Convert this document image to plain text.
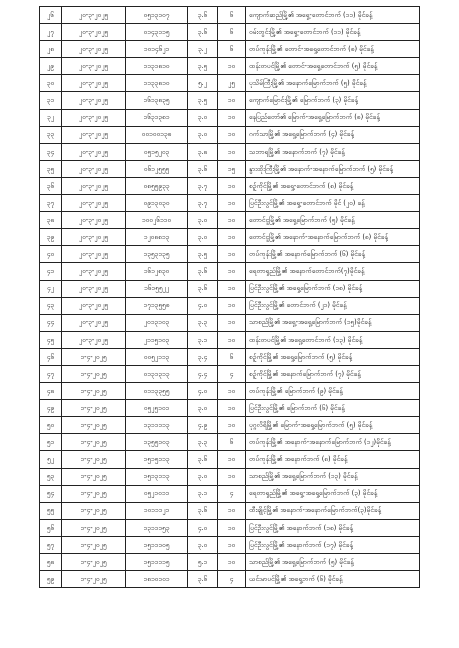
၂၆	၂၀-၃-၂၀၂၅	၀၅၁၃၁၀၇	၃.၆	၆	ကျောက်ဆည်မြို့၏ အရှေ့-တောင်ဘက် (၁၁) မိုင်ခန့်
၂၇	၂၀-၃-၂၀၂၅	၀၁၄၃၁၁၅	၃.၆	၆	ဝမ်းတွင်းမြို့၏ အရှေ့-တောင်ဘက် (၁၁) မိုင်ခန့်
၂၈	၂၀-၃-၂၀၂၅	၁၀၁၄၆၂၁	၃.၂	၆	တပ်ကုန်းမြို့၏ တောင်-အရှေ့တောင်ဘက် (၈) မိုင်ခန့်
၂၉	၂၀-၃-၂၀၂၅	၁၁၃၁၈၁၀	၃.၅	၁၀	ထန်းတပင်မြို့၏ တောင်-အရှေ့တောင်ဘက် (၅) မိုင်ခန့်
၃၀	၂၀-၃-၂၀၂၅	၁၁၃၃၈၁၀	၅.၂	၂၅	ပုသိမ်ကြီးမြို့၏ အနောက်မြောက်ဘက် (၅) မိုင်ခန့်
၃၁	၂၀-၃-၂၀၂၅	၁၆၁၃၈၃၅	၃.၅	၁၀	ကျောက်မြောင်းမြို့၏ မြောက်ဘက် (၃) မိုင်ခန့်
၃၂	၂၀-၃-၂၀၂၅	၁၆၃၁၃၈၁	၃.၀	၁၀	နေပြည်တော်၏ မြောက်-အရှေ့မြောက်ဘက် (၈) မိုင်ခန့်
၃၃	၂၀-၃-၂၀၂၅	၀၀၁၀၀၁၃၈	၃.၀	၁၀	ဂက်သာမြို့၏ အရှေ့မြောက်ဘက် (၄) မိုင်ခန့်
၃၄	၂၀-၃-၂၀၂၅	၀၅၁၅၂၀၃	၃.၈	၁၀	သဘာရမြို့၏ အနောက်ဘက် (၇) မိုင်ခန့်
၃၅	၂၀-၃-၂၀၂၅	၀၆၁၂၅၅၅	၃.၆	၁၅	နွားထိုးကြီးမြို့၏ အနောက်-အနောက်မြောက်ဘက် (၅) မိုင်ခန့်
၃၆	၂၀-၃-၂၀၂၅	၀၈၅၅၉၃၃	၃.၇	၁၀	စဉ့်ကိုင်မြို့၏ အရှေ့-တောင်ဘက် (၈) မိုင်ခန့်
၃၇	၂၀-၃-၂၀၂၅	၀၉၁၃၀၃၀	၃.၇	၁၀	ပြင်ဦးလွင်မြို့၏ အရှေ့-တောင်ဘက် မိုင် (၂၀) ခန့်
၃၈	၂၀-၃-၂၀၂၅	၁၀၀၂၆၁၁၀	၃.၀	၁၀	တောင်ငူမြို့၏ အရှေ့မြောက်ဘက် (၅) မိုင်ခန့်
၃၉	၂၀-၃-၂၀၂၅	၁၂၀၈၈၁၃	၃.၀	၁၀	တောင်ငူမြို့၏ အနောက်-အနောက်မြောက်ဘက် (၈) မိုင်ခန့်
၄၀	၂၀-၃-၂၀၂၅	၁၃၅၃၁၃၅	၃.၅	၁၀	တပ်ကုန်းမြို့၏ အနောက်မြောက်ဘက် (၆) မိုင်ခန့်
၄၁	၂၀-၃-၂၀၂၅	၁၆၁၂၈၃၀	၃.၆	၁၀	ရေတာရှည်မြို့၏ အနောက်တောင်ဘက်(၇)မိုင်ခန့်
၄၂	၂၀-၃-၂၀၂၅	၁၆၁၅၅၂၂	၃.၆	၁၀	ပြင်ဦးလွင်မြို့၏ အရှေ့မြောက်ဘက် (၁၈) မိုင်ခန့်
၄၃	၂၀-၃-၂၀၂၅	၁၇၁၃၅၅၈	၄.၀	၁၀	ပြင်ဦးလွင်မြို့၏ တောင်ဘက် (၂၁) မိုင်ခန့်
၄၄	၂၀-၃-၂၀၂၅	၂၀၁၃၁၀၃	၃.၃	၁၀	သာစည်မြို့၏ အရှေ့-အရှေ့မြောက်ဘက် (၁၅)မိုင်ခန့်
၄၅	၂၀-၃-၂၀၂၅	၂၁၁၅၁၀၃	၃.၁	၁၀	ထန်းတပင်မြို့၏ အရှေ့တောင်ဘက် (၁၃) မိုင်ခန့်
၄၆	၁-၄-၂၀၂၅	၀၀၅၂၁၁၃	၃.၄	၆	စဉ့်ကိုင်မြို့၏ အရှေ့မြောက်ဘက် (၅) မိုင်ခန့်
၄၇	၁-၄-၂၀၂၅	၀၁၃၁၃၁၃	၄.၄	၄	စဉ့်ကိုင်မြို့၏ အနောက်မြောက်ဘက် (၇) မိုင်ခန့်
၄၈	၁-၄-၂၀၂၅	၀၁၁၃၃၅၅	၄.၀	၁၀	တပ်ကုန်းမြို့၏ မြောက်ဘက် (၉) မိုင်ခန့်
၄၉	၁-၄-၂၀၂၅	၀၅၂၅၁၀၁	၃.၀	၁၀	ပြင်ဦးလွင်မြို့၏ မြောက်ဘက် (၆) မိုင်ခန့်
၅၀	၁-၄-၂၀၂၅	၁၃၁၁၁၁၃	၄.၉	၁၀	ပုဂ္ဂလိရိမြို့၏ မြောက်-အရှေ့မြောက်ဘက် (၅) မိုင်ခန့်
၅၁	၁-၄-၂၀၂၅	၁၃၅၅၁၀၃	၃.၃	၆	တပ်ကုန်းမြို့၏ အနောက်-အနောက်မြောက်ဘက် (၁၂)မိုင်ခန့်
၅၂	၁-၄-၂၀၂၅	၁၅၁၅၁၁၃	၃.၆	၁၀	တပ်ကုန်းမြို့၏ အနောက်ဘက် (၈) မိုင်ခန့်
၅၃	၁-၄-၂၀၂၅	၁၅၁၃၁၁၃	၃.၀	၁၀	သာစည်မြို့၏ အရှေ့မြောက်ဘက် (၁၃) မိုင်ခန့်
၅၄	၁-၄-၂၀၂၅	၀၅၂၁၀၁၁	၃.၁	၄	ရေတာရှည်မြို့၏ အရှေ့-အရှေ့မြောက်ဘက် (၃) မိုင်ခန့်
၅၅	၁-၄-၂၀၂၅	၁၀၁၁၁၂၁	၃.၆	၁၀	ထီးချိုင့်မြို့၏ အနောက်-အနောက်မြောက်ဘက်(၃)မိုင်ခန့်
၅၆	၁-၄-၂၀၂၅	၁၃၁၁၁၅၃	၄.၀	၁၀	ပြင်ဦးလွင်မြို့၏ အနောက်ဘက် (၁၈) မိုင်ခန့်
၅၇	၁-၄-၂၀၂၅	၁၅၁၁၁၀၅	၃.၀	၁၀	ပြင်ဦးလွင်မြို့၏ အနောက်ဘက် (၁၇) မိုင်ခန့်
၅၈	၁-၄-၂၀၂၅	၁၅၁၁၁၁၅	၅.၁	၁၀	သာစည်မြို့၏ အရှေ့မြောက်ဘက် (၅) မိုင်ခန့်
၅၉	၁-၄-၂၀၂၅	၁၈၁၀၁၀၁	၃.၆	၄	ယင်းမာပင်မြို့၏ အရှေ့ဘက် (၆) မိုင်ခန့်
